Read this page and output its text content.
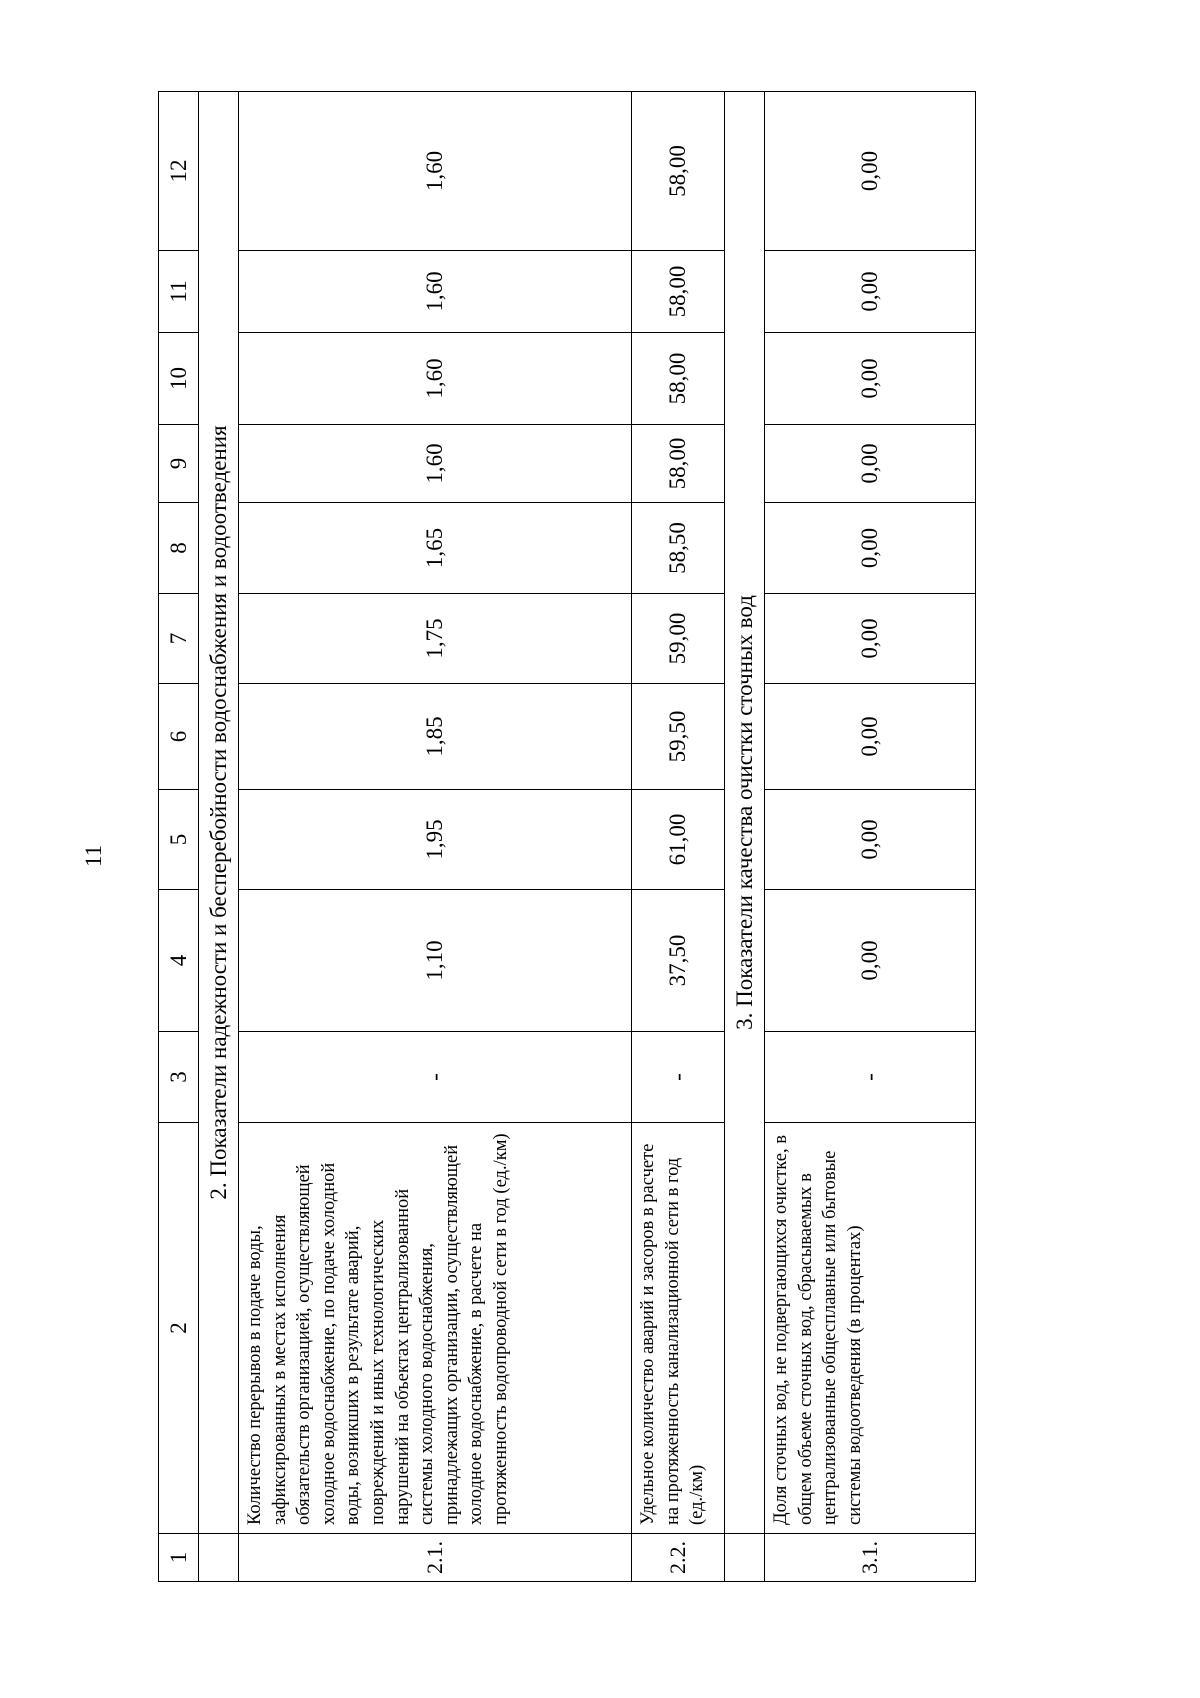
11
1	2	3	4	5	6	7	8	9	10	11	12
	2. Показатели надежности и бесперебойности водоснабжения и водоотведения										
2.1.	Количество перерывов в подаче воды, зафиксированных в местах исполнения обязательств организацией, осуществляющей холодное водоснабжение, по подаче холодной воды, возникших в результате аварий, повреждений и иных технологических нарушений на объектах централизованной системы холодного водоснабжения, принадлежащих организации, осуществляющей холодное водоснабжение, в расчете на протяженность водопроводной сети в год (ед./км)	-	1,10	1,95	1,85	1,75	1,65	1,60	1,60	1,60	1,60
2.2.	Удельное количество аварий и засоров в расчете на протяженность канализационной сети в год (ед./км)	-	37,50	61,00	59,50	59,00	58,50	58,00	58,00	58,00	58,00
	3. Показатели качества очистки сточных вод										
3.1.	Доля сточных вод, не подвергающихся очистке, в общем объеме сточных вод, сбрасываемых в централизованные общесплавные или бытовые системы водоотведения (в процентах)	-	0,00	0,00	0,00	0,00	0,00	0,00	0,00	0,00	0,00
